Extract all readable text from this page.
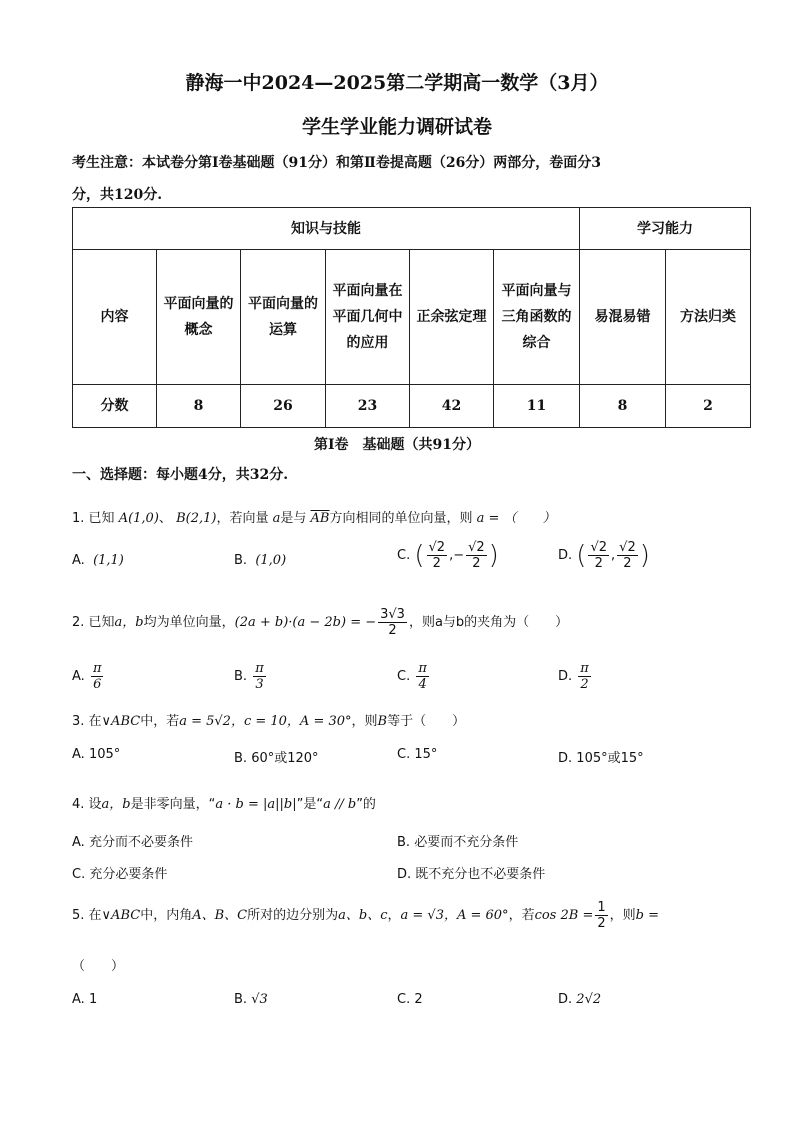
静海一中2024—2025第二学期高一数学（3月）
学生学业能力调研试卷
考生注意：本试卷分第Ⅰ卷基础题（91分）和第Ⅱ卷提高题（26分）两部分，卷面分3
分，共120分.
知识与技能						学习能力	
内容	平面向量的概念	平面向量的运算	平面向量在平面几何中的应用	正余弦定理	平面向量与三角函数的综合	易混易错	方法归类
分数	8	26	23	42	11	8	2
第Ⅰ卷　基础题（共91分）
一、选择题：每小题4分，共32分.
1. 已知 A(1,0)、 B(2,1)，若向量 a是与 $\overline{AB}$方向相同的单位向量，则 a = （　　）
A. (1,1)	B. (1,0)	C. ( $\frac{√2}{2}$ ,− $\frac{√2}{2}$ )	D. ( $\frac{√2}{2}$ , $\frac{√2}{2}$ )
2. 已知a，b均为单位向量，(2a + b)·(a − 2b) = − $\frac{3√3}{2}$ ，则a与b的夹角为（　　）
A. $\frac{\pi}{6}$	B. $\frac{\pi}{3}$	C. $\frac{\pi}{4}$	D. $\frac{\pi}{2}$
3. 在∨ABC中，若a = 5√2，c = 10，A = 30°，则B等于（　　）
A. 105°	B. 60°或120°	C. 15°	D. 105°或15°
4. 设a，b是非零向量，“a · b = |a||b|”是“a // b”的
A. 充分而不必要条件	B. 必要而不充分条件
C. 充分必要条件	D. 既不充分也不必要条件
5. 在∨ABC中，内角A、B、C所对的边分别为a、b、c，a = √3，A = 60°，若$\cos 2B = \frac{1}{2}$ ，则b =
（　　）
A. 1	B. √3	C. 2	D. 2√2
